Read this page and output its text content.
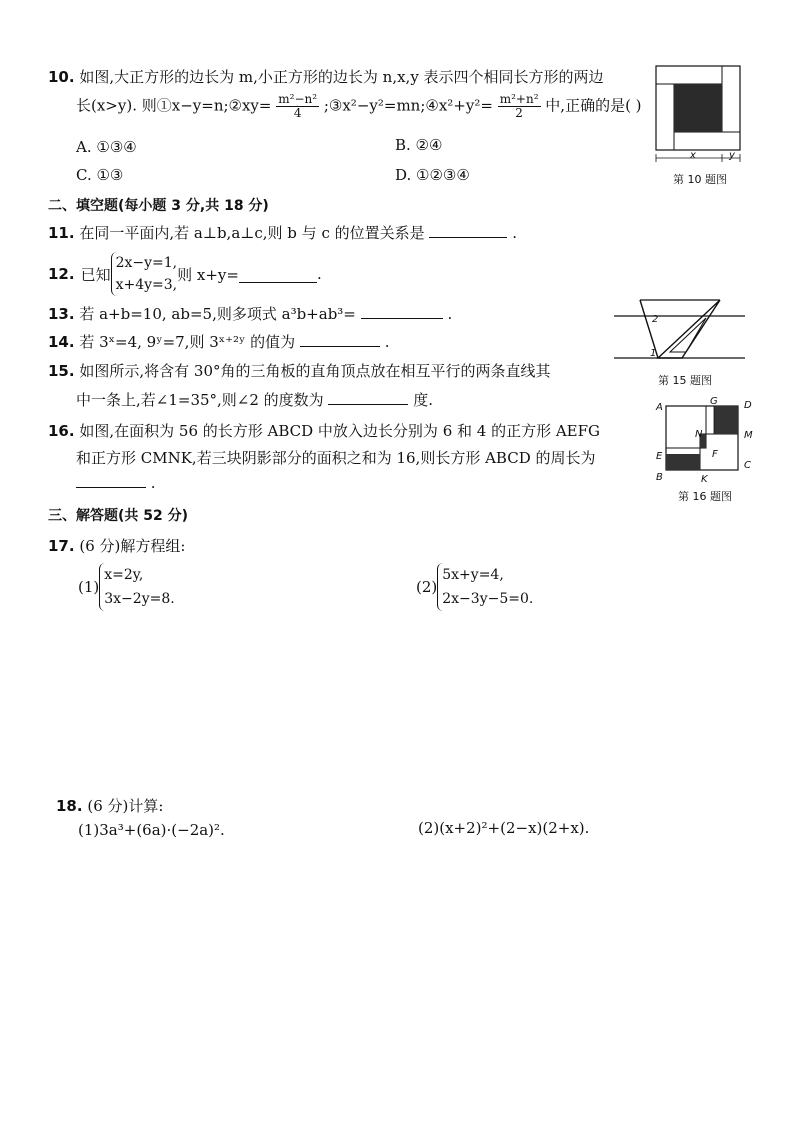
10. 如图,大正方形的边长为 m,小正方形的边长为 n,x,y 表示四个相同长方形的两边
长(x>y). 则①x−y=n;②xy= $\frac{\text{m²−n²}}{4}$ ;③x²−y²=mn;④x²+y²= $\frac{\text{m²+n²}}{2}$ 中,正确的是( )
A. ①③④	B. ②④
C. ①③	D. ①②③④
x	y
第 10 题图
二、填空题(每小题 3 分,共 18 分)
11. 在同一平面内,若 a⊥b,a⊥c,则 b 与 c 的位置关系是	.
12. 已知
2x−y=1,
x+4y=3,
则 x+y=	.
13. 若 a+b=10, ab=5,则多项式 a³b+ab³=	.
14. 若 3ˣ=4, 9ʸ=7,则 3ˣ⁺²ʸ 的值为	.
2
1
第 15 题图
15. 如图所示,将含有 30°角的三角板的直角顶点放在相互平行的两条直线其
中一条上,若∠1=35°,则∠2 的度数为	度.	A
G	D
M
N
F
E
C
B	K
第 16 题图
16. 如图,在面积为 56 的长方形 ABCD 中放入边长分别为 6 和 4 的正方形 AEFG
和正方形 CMNK,若三块阴影部分的面积之和为 16,则长方形 ABCD 的周长为
.
三、解答题(共 52 分)
17. (6 分)解方程组:
(1)
x=2y,
3x−2y=8.
(2)
5x+y=4,
2x−3y−5=0.
18. (6 分)计算:
(1)3a³+(6a)·(−2a)².	(2)(x+2)²+(2−x)(2+x).
